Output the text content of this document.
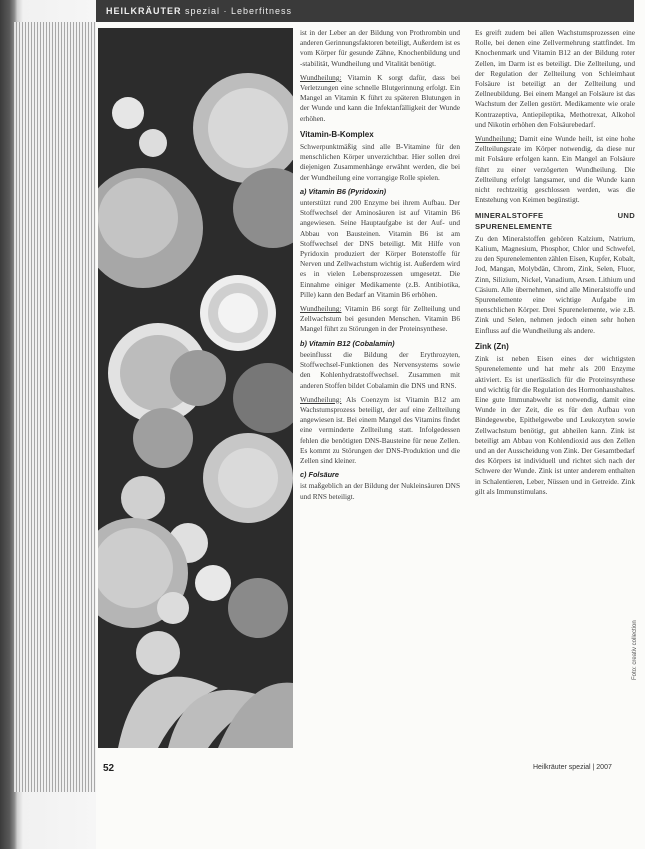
HEILKRÄUTER spezial · Leberfitness

ist in der Leber an der Bildung von Prothrombin und anderen Gerinnungsfaktoren beteiligt, Außerdem ist es vom Körper für gesunde Zähne, Knochenbildung und -stabilität, Wundheilung und Vitalität benötigt.

Wundheilung: Vitamin K sorgt dafür, dass bei Verletzungen eine schnelle Blutgerinnung erfolgt. Ein Mangel an Vitamin K führt zu späteren Blutungen in der Wunde und kann die Infektanfälligkeit der Wunde erhöhen.

Vitamin-B-Komplex

Schwerpunktmäßig sind alle B-Vitamine für den menschlichen Körper unverzichtbar. Hier sollen drei diejenigen Zusammenhänge erwähnt werden, die bei der Wundheilung eine vorrangige Rolle spielen.

a) Vitamin B6 (Pyridoxin)

unterstützt rund 200 Enzyme bei ihrem Aufbau. Der Stoffwechsel der Aminosäuren ist auf Vitamin B6 angewiesen. Seine Hauptaufgabe ist der Auf- und Abbau von Bausteinen. Vitamin B6 ist am Stoffwechsel der DNS beteiligt. Mit Hilfe von Pyridoxin produziert der Körper Botenstoffe für Nerven und Zellwachstum wichtig ist. Außerdem wird es in vielen Lebensprozessen umgesetzt. Die Einnahme einiger Medikamente (z.B. Antibiotika, Pille) kann den Bedarf an Vitamin B6 erhöhen.

Wundheilung: Vitamin B6 sorgt für Zellteilung und Zellwachstum bei gesunden Menschen. Vitamin B6 Mangel führt zu Störungen in der Proteinsynthese.

b) Vitamin B12 (Cobalamin)

beeinflusst die Bildung der Erythrozyten, Stoffwechsel-Funktionen des Nervensystems sowie den Kohlenhydratstoffwechsel. Zusammen mit anderen Stoffen bildet Cobalamin die DNS und RNS.

Wundheilung: Als Coenzym ist Vitamin B12 am Wachstumsprozess beteiligt, der auf eine Zellteilung angewiesen ist. Bei einem Mangel des Vitamins findet eine verminderte Zellteilung statt. Infolgedessen fehlen die benötigten DNS-Bausteine für neue Zellen. Es kommt zu Störungen der DNS-Produktion und die Zellen sind kleiner.

c) Folsäure

ist maßgeblich an der Bildung der Nukleinsäuren DNS und RNS beteiligt.

Es greift zudem bei allen Wachstumsprozessen eine Rolle, bei denen eine Zellvermehrung stattfindet. Im Knochenmark und Vitamin B12 an der Bildung roter Zellen, im Darm ist es beteiligt. Die Zellteilung, und der Regulation der Zellteilung von Schleimhaut Folsäure ist beteiligt an der Zellteilung und Zellneubildung. Bei einem Mangel an Folsäure ist das Wachstum der Zellen gestört. Medikamente wie orale Kontrazeptiva, Antiepileptika, Methotrexat, Alkohol und Nikotin erhöhen den Folsäurebedarf.

Wundheilung: Damit eine Wunde heilt, ist eine hohe Zellteilungsrate im Körper notwendig, da diese nur mit Folsäure erfolgen kann. Ein Mangel an Folsäure führt zu einer verzögerten Wundheilung. Die Zellteilung erfolgt langsamer, und die Wunde kann nicht rechtzeitig geschlossen werden, was die Entstehung von Keimen begünstigt.

MINERALSTOFFE UND SPURENELEMENTE

Zu den Mineralstoffen gehören Kalzium, Natrium, Kalium, Magnesium, Phosphor, Chlor und Schwefel, zu den Spurenelementen zählen Eisen, Kupfer, Kobalt, Jod, Mangan, Molybdän, Chrom, Zink, Selen, Fluor, Zinn, Silizium, Nickel, Vanadium, Arsen. Lithium und Cäsium. Alle übernehmen, sind alle Mineralstoffe und Spurenelemente eine wichtige Aufgabe im menschlichen Körper. Drei Spurenelemente, wie z.B. Zink und Selen, nehmen jedoch einen sehr hohen Einfluss auf die Wundheilung als andere.

Zink (Zn)

Zink ist neben Eisen eines der wichtigsten Spurenelemente und hat mehr als 200 Enzyme aktiviert. Es ist unerlässlich für die Proteinsynthese und wichtig für die Regulation des Hormonhaushaltes. Eine gute Immunabwehr ist notwendig, damit eine Wunde in der Zeit, die es für den Aufbau von Bindegewebe, Epithelgewebe und Leukozyten sowie Zellwachstum benötigt, gut abheilen kann. Zink ist beteiligt am Abbau von Kohlendioxid aus den Zellen und an der Ausscheidung von Zink. Der Gesamtbedarf des Körpers ist individuell und richtet sich nach der Schwere der Wunde. Zink ist unter anderem enthalten in Schalentieren, Leber, Nüssen und in Getreide. Zink gilt als Immunstimulans.

52	Heilkräuter spezial | 2007
Foto: creativ collection
